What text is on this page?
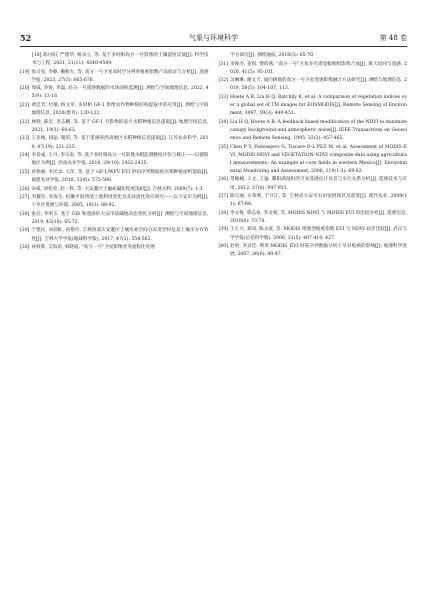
52	气象与环境科学	第 48 卷
[18] 陈丹阳, 严德华, 杨永立, 等. 基于多时相高分一号影像的土壤湿度反演[J]. 科学技术与工程, 2021, 21(11): 4540-4549.
[19] 张日星, 李静, 栅秋火, 等. 高分一号卫星高时空分辨率植被指数产品验证与分析[J]. 遥感学报, 2023, 27(3): 665-676.
[20] 周威, 李锐, 李磊, 高分一号遥感数据的水体面积监测[J]. 测绘与空间地理信息, 2022, 45(9): 13-16.
[21] 黄廷芳, 付敏, 杨文军. 多时相 GF-1 影像农作物种植结构提取中的应用[J]. 测绘与空间地理信息, 2020(增刊): 120-122.
[22] 林晗, 陈宏, 李志鹏, 等. 基于 GF-1 号影像的南方水稻种植信息提取[J]. 地理空间信息, 2021, 19(3): 60-63.
[23] 王克峻, 胡晶, 微的, 等. 基于遥感的西南地区水稻种植信息提取[J]. 江苏农业科学, 2019, 47(19): 231-235.
[24] 李章成, 王丹, 李宗南, 等. 基于多时相高分一号影像水稻监测精度评价与修正——以德阳地区为例[J]. 西南农业学报, 2016, 29(10): 2432-2435.
[25] 孙艳丽, 李民录, 王萍, 等. 基于 GF-1/WFV EVI 时间序列数据的水稻种植面积提取[J]. 福建农业学报, 2018, 33(6): 575-580.
[26] 宋威, 刘松荣, 赵一科, 等. 大安灌区土壤盐碱化程度浅析[J]. 吉林水利, 2009(7): 1-3.
[27] 李魏军, 李海生. 松嫩平原西部土地利用变化及其盐渍化效应研究——以大安市为例[J]. 干旱区资源与环境, 2005, 19(3): 88-92.
[28] 张启, 李明玉. 基于 GIS 和遥感的大安市盐碱地动态变化分析[J]. 测绘与空间地理信息, 2019, 42(10): 65-72.
[29] 于建民, 刘彩虹, 孙艳玲. 吉林西部大安灌区土壤水盐空间分布变异特征及土壤水分有效性[J]. 吉林大学学报(地球科学版), 2017, 47(2): 554-563.
[30] 孙权辉, 艾海滨, 韩晓霞. "高分一号"卫星影像业务流程化处理
平台研究[J]. 测绘通报, 2018(5): 65-70.
[31] 李俊杰, 姜海, 傅俏燕. "高分一号"卫星多光谱宽幅相机影像合成[J]. 航天返回与遥感, 2020, 41(5): 95-101.
[32] 吴琳琳, 谢文天. 面向耕地的高分一号卫星遥感影像融合方法研究[J]. 测绘与地理信息, 2019, 58(5): 104-107, 113.
[33] Huete A R, Liu H Q, Batchily K, et al. A comparison of vegetation indices over a global set of TM images for EOSMODIS[J]. Remote Sensing of Environment, 1997, 59(3): 440-451.
[34] Liu H Q, Huete A R. A feedback based modification of the NDVI to minimize canopy background and atmospheric noise[J]. IEEE Transactions on Geoscience and Remote Sensing, 1995, 33(2): 457-465.
[35] Chen P Y, Fedosejevs G, Tiscare O-L PEZ M, et al. Assessment of MODIS-EVI, MODIS-NDVI and VEGETATION-NDVI composite data using agricultural measurements: An example at corn fields in western Mexico[J]. Environmental Monitoring and Assessment, 2006, 119(1-3): 69-82.
[36] 常楠楠, 王文, 王猛. 鄱阳湖湿积的卫星遥感估计及其与水位关系分析[J]. 遥感技术与应用, 2012, 27(6): 947-953.
[37] 陈巧丽, 方茶利, 于开江, 等. 吉林省大安市水田发展现状及前景[J]. 现代农业, 2009(11): 67-68.
[38] 李文梅, 覃志豪, 李文娟, 等. MODIS NDVI 与 MODIS EVI 的比较分析[J]. 遥感信息, 2010(6): 73-78.
[39] 王正兴, 刘闯, 陈文波, 等. MODIS 增强型植被指数 EVI 与 NDVI 初步比较[J]. 武汉大学学报(信息科学版), 2006, 31(5): 407-410, 427.
[40] 赵晗, 李灵佳. 利用 MODIS_EVI 时间序列数据分析干旱对植被的影响[J]. 地理科学进展, 2007, 26(6): 40-47.
